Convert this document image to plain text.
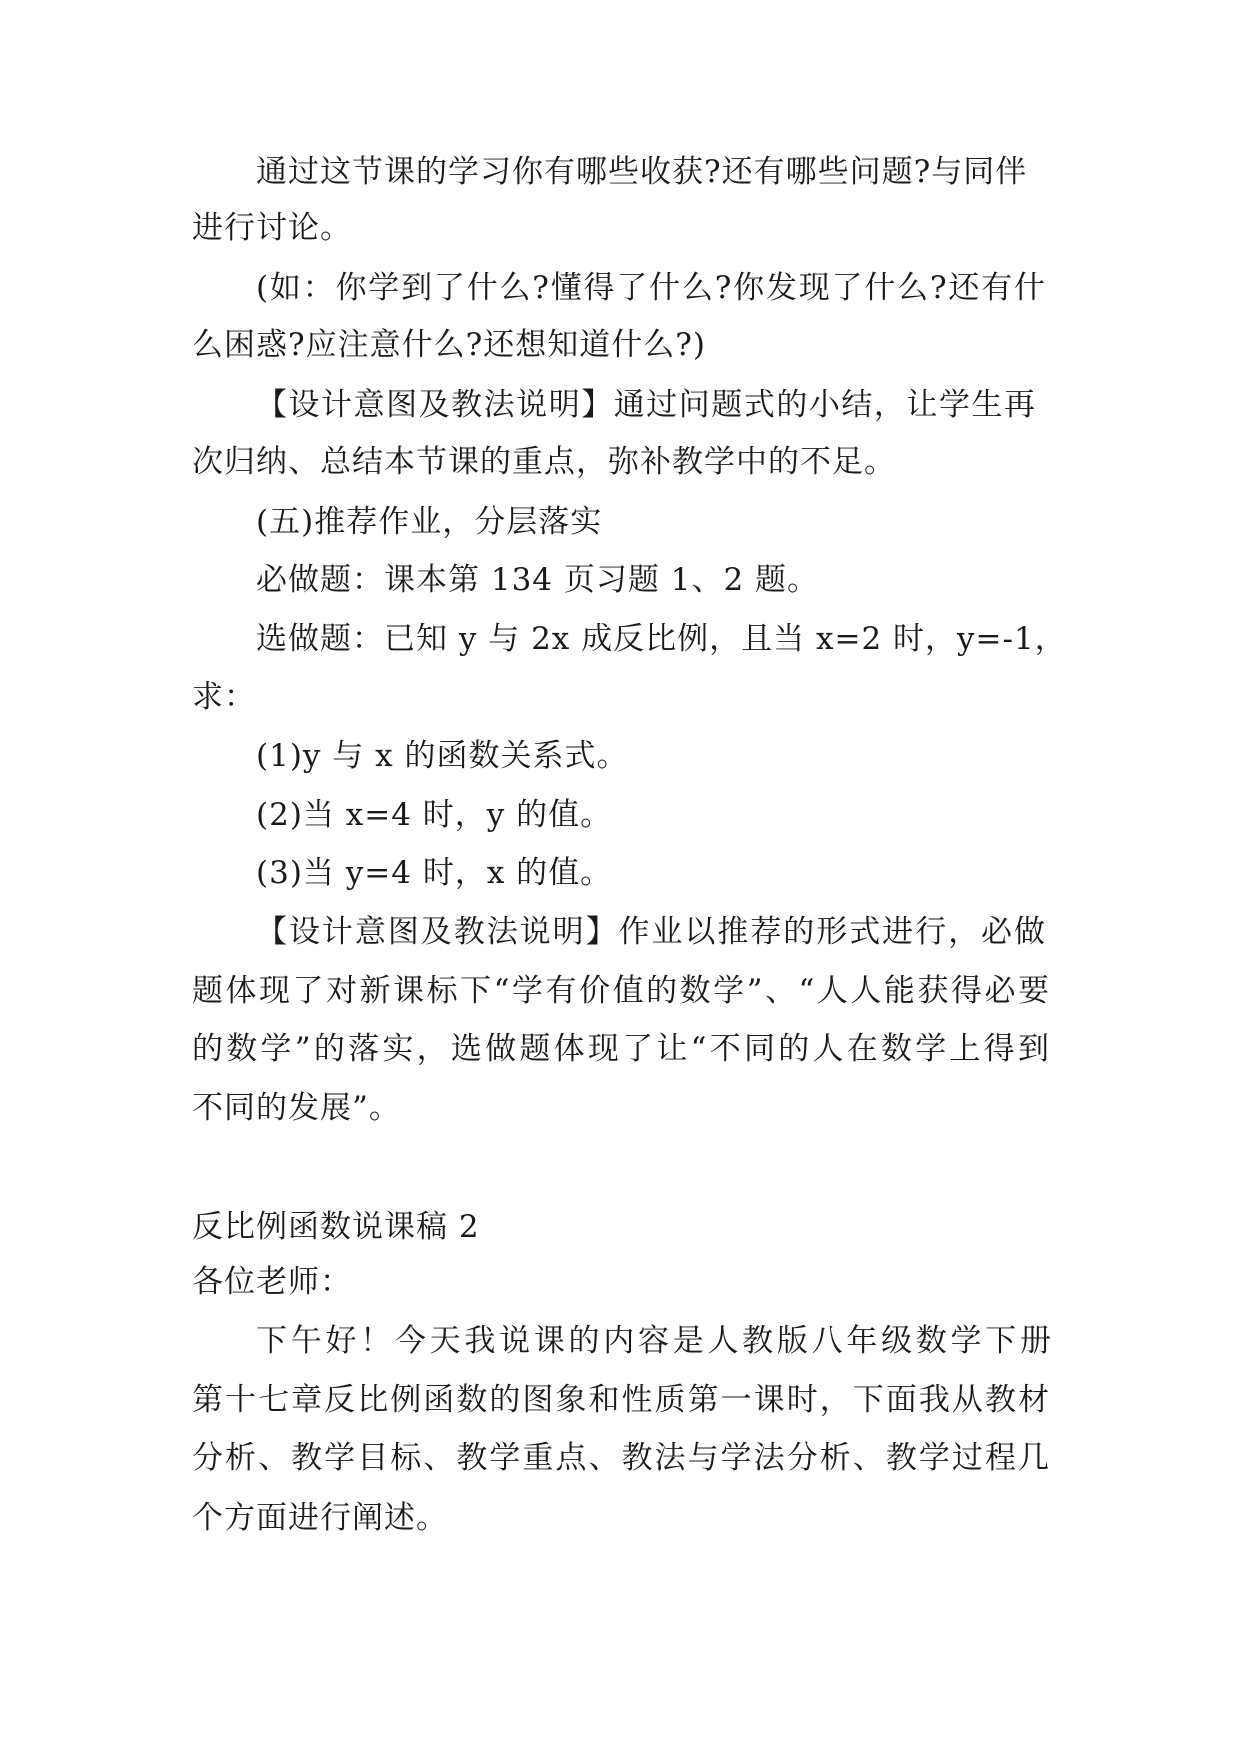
通过这节课的学习你有哪些收获?还有哪些问题?与同伴
进行讨论。
(如：你学到了什么?懂得了什么?你发现了什么?还有什
么困惑?应注意什么?还想知道什么?)
【设计意图及教法说明】通过问题式的小结，让学生再
次归纳、总结本节课的重点，弥补教学中的不足。
(五)推荐作业，分层落实
必做题：课本第 134 页习题 1、2 题。
选做题：已知 y 与 2x 成反比例，且当 x=2 时，y=-1，
求：
(1)y 与 x 的函数关系式。
(2)当 x=4 时，y 的值。
(3)当 y=4 时，x 的值。
【设计意图及教法说明】作业以推荐的形式进行，必做
题体现了对新课标下“学有价值的数学”、“人人能获得必要
的数学”的落实，选做题体现了让“不同的人在数学上得到
不同的发展”。
反比例函数说课稿 2
各位老师：
下午好！今天我说课的内容是人教版八年级数学下册
第十七章反比例函数的图象和性质第一课时，下面我从教材
分析、教学目标、教学重点、教法与学法分析、教学过程几
个方面进行阐述。
